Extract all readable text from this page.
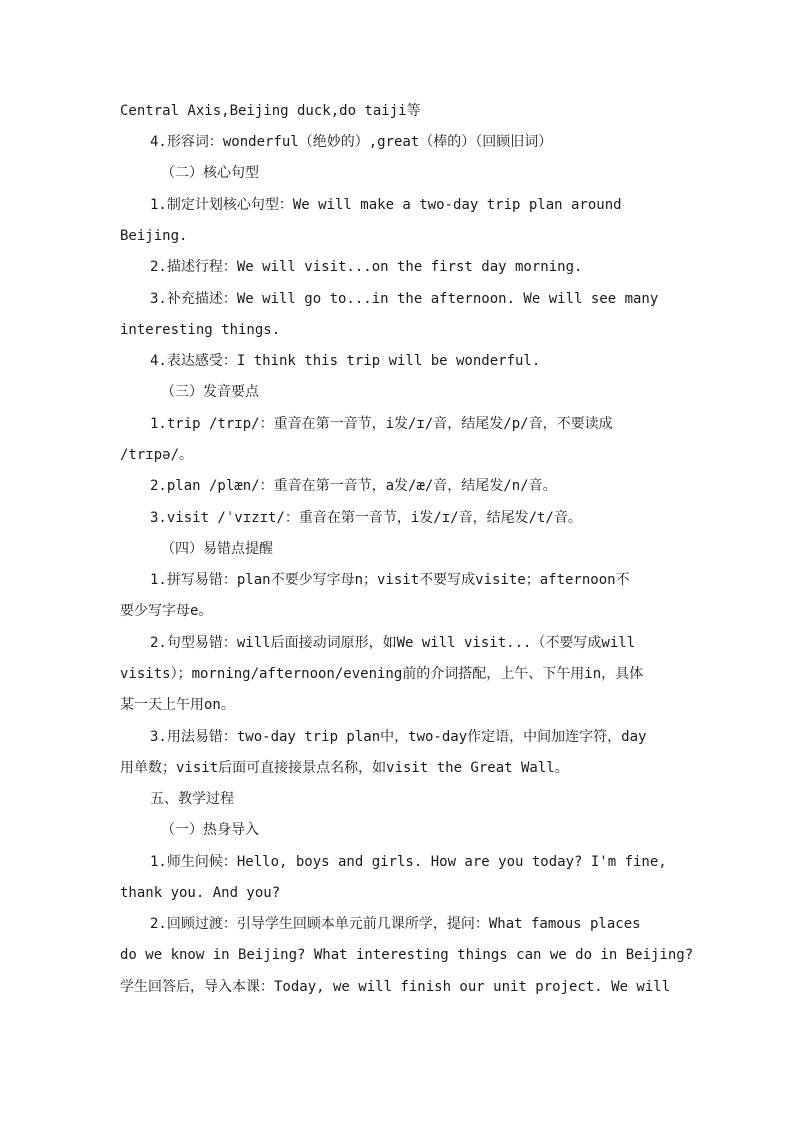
Central Axis,Beijing duck,do taiji等
4.形容词：wonderful（绝妙的）,great（棒的）（回顾旧词）
（二）核心句型
1.制定计划核心句型：We will make a two-day trip plan around
Beijing.
2.描述行程：We will visit...on the first day morning.
3.补充描述：We will go to...in the afternoon. We will see many
interesting things.
4.表达感受：I think this trip will be wonderful.
（三）发音要点
1.trip /trɪp/：重音在第一音节，i发/ɪ/音，结尾发/p/音，不要读成
/trɪpə/。
2.plan /plæn/：重音在第一音节，a发/æ/音，结尾发/n/音。
3.visit /ˈvɪzɪt/：重音在第一音节，i发/ɪ/音，结尾发/t/音。
（四）易错点提醒
1.拼写易错：plan不要少写字母n；visit不要写成visite；afternoon不
要少写字母e。
2.句型易错：will后面接动词原形，如We will visit...（不要写成will
visits）；morning/afternoon/evening前的介词搭配，上午、下午用in，具体
某一天上午用on。
3.用法易错：two-day trip plan中，two-day作定语，中间加连字符，day
用单数；visit后面可直接接景点名称，如visit the Great Wall。
五、教学过程
（一）热身导入
1.师生问候：Hello, boys and girls. How are you today? I'm fine,
thank you. And you?
2.回顾过渡：引导学生回顾本单元前几课所学，提问：What famous places
do we know in Beijing? What interesting things can we do in Beijing?
学生回答后，导入本课：Today, we will finish our unit project. We will
